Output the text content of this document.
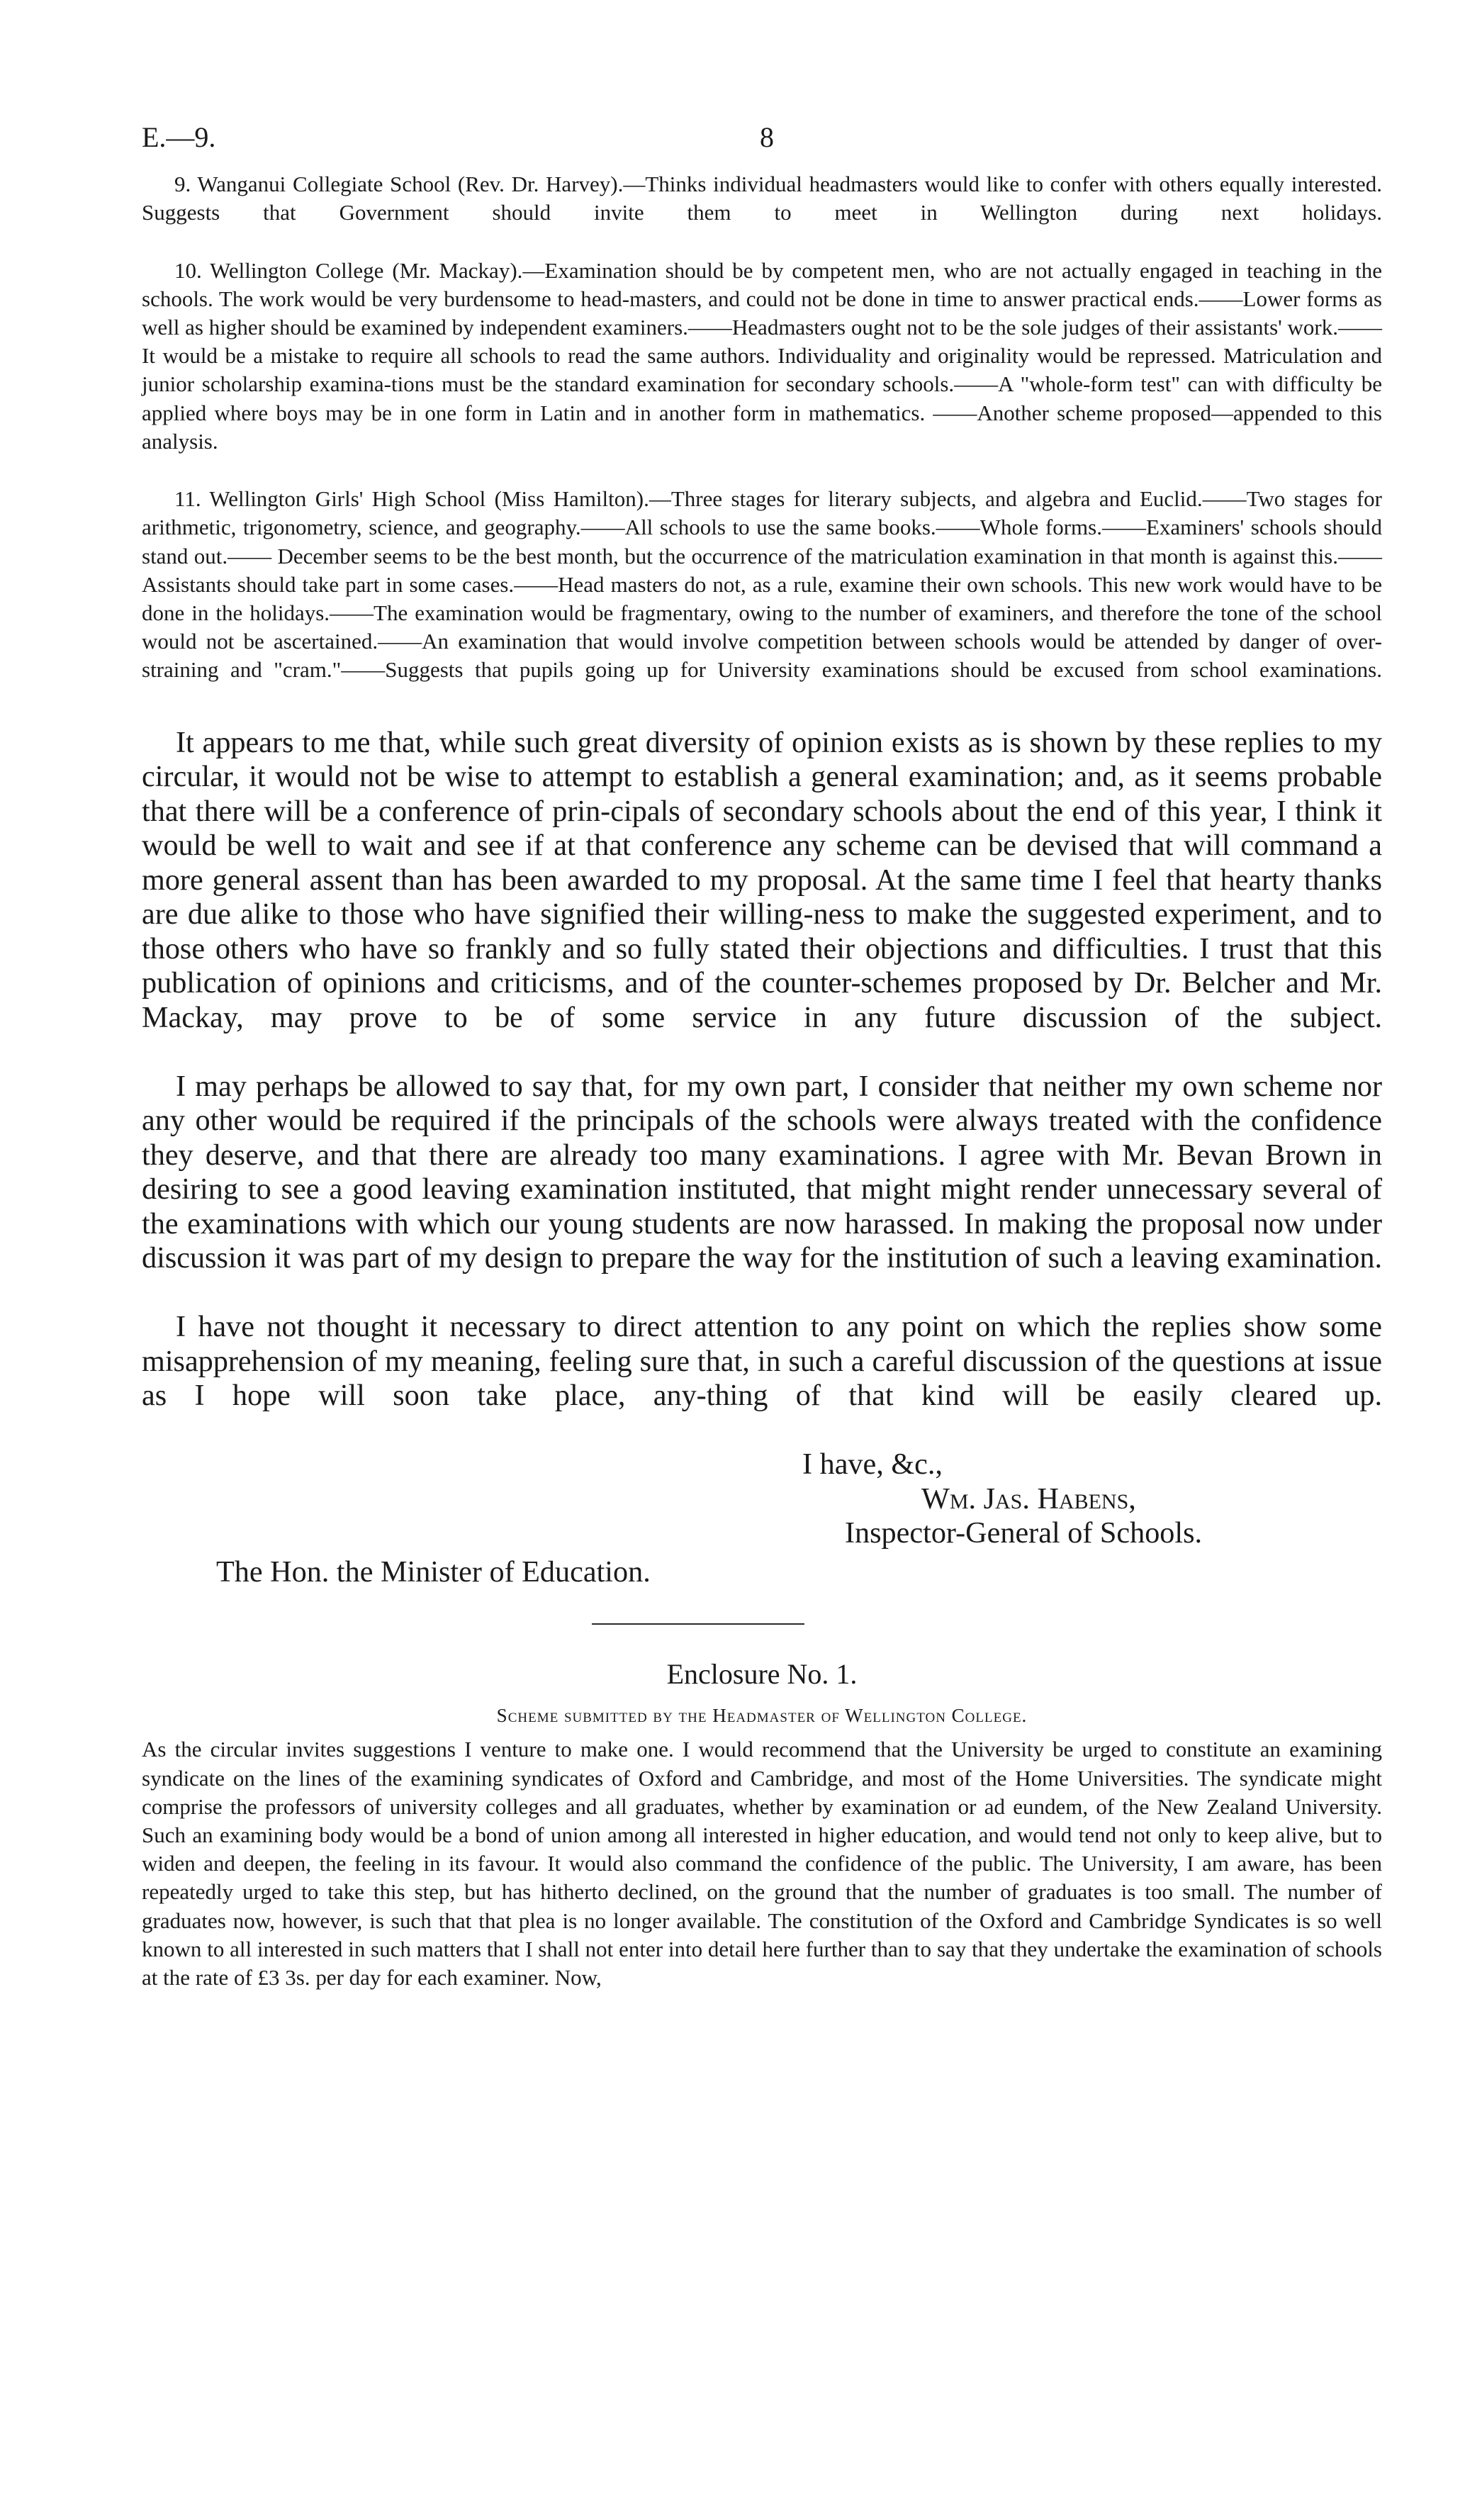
E.—9.	8

9. Wanganui Collegiate School (Rev. Dr. Harvey).—Thinks individual headmasters would like to confer with others equally interested. Suggests that Government should invite them to meet in Wellington during next holidays.

10. Wellington College (Mr. Mackay).—Examination should be by competent men, who are not actually engaged in teaching in the schools. The work would be very burdensome to head-masters, and could not be done in time to answer practical ends.——Lower forms as well as higher should be examined by independent examiners.——Headmasters ought not to be the sole judges of their assistants' work.——It would be a mistake to require all schools to read the same authors. Individuality and originality would be repressed. Matriculation and junior scholarship examina-tions must be the standard examination for secondary schools.——A "whole-form test" can with difficulty be applied where boys may be in one form in Latin and in another form in mathematics. ——Another scheme proposed—appended to this analysis.

11. Wellington Girls' High School (Miss Hamilton).—Three stages for literary subjects, and algebra and Euclid.——Two stages for arithmetic, trigonometry, science, and geography.——All schools to use the same books.——Whole forms.——Examiners' schools should stand out.—— December seems to be the best month, but the occurrence of the matriculation examination in that month is against this.——Assistants should take part in some cases.——Head masters do not, as a rule, examine their own schools. This new work would have to be done in the holidays.——The examination would be fragmentary, owing to the number of examiners, and therefore the tone of the school would not be ascertained.——An examination that would involve competition between schools would be attended by danger of over-straining and "cram."——Suggests that pupils going up for University examinations should be excused from school examinations.

It appears to me that, while such great diversity of opinion exists as is shown by these replies to my circular, it would not be wise to attempt to establish a general examination; and, as it seems probable that there will be a conference of prin-cipals of secondary schools about the end of this year, I think it would be well to wait and see if at that conference any scheme can be devised that will command a more general assent than has been awarded to my proposal. At the same time I feel that hearty thanks are due alike to those who have signified their willing-ness to make the suggested experiment, and to those others who have so frankly and so fully stated their objections and difficulties. I trust that this publication of opinions and criticisms, and of the counter-schemes proposed by Dr. Belcher and Mr. Mackay, may prove to be of some service in any future discussion of the subject.

I may perhaps be allowed to say that, for my own part, I consider that neither my own scheme nor any other would be required if the principals of the schools were always treated with the confidence they deserve, and that there are already too many examinations. I agree with Mr. Bevan Brown in desiring to see a good leaving examination instituted, that might might render unnecessary several of the examinations with which our young students are now harassed. In making the proposal now under discussion it was part of my design to prepare the way for the institution of such a leaving examination.

I have not thought it necessary to direct attention to any point on which the replies show some misapprehension of my meaning, feeling sure that, in such a careful discussion of the questions at issue as I hope will soon take place, any-thing of that kind will be easily cleared up.

I have, &c.,
Wm. Jas. Habens,
Inspector-General of Schools.
The Hon. the Minister of Education.
Enclosure No. 1.
Scheme submitted by the Headmaster of Wellington College.

As the circular invites suggestions I venture to make one. I would recommend that the University be urged to constitute an examining syndicate on the lines of the examining syndicates of Oxford and Cambridge, and most of the Home Universities. The syndicate might comprise the professors of university colleges and all graduates, whether by examination or ad eundem, of the New Zealand University. Such an examining body would be a bond of union among all interested in higher education, and would tend not only to keep alive, but to widen and deepen, the feeling in its favour. It would also command the confidence of the public. The University, I am aware, has been repeatedly urged to take this step, but has hitherto declined, on the ground that the number of graduates is too small. The number of graduates now, however, is such that that plea is no longer available. The constitution of the Oxford and Cambridge Syndicates is so well known to all interested in such matters that I shall not enter into detail here further than to say that they undertake the examination of schools at the rate of £3 3s. per day for each examiner. Now,
